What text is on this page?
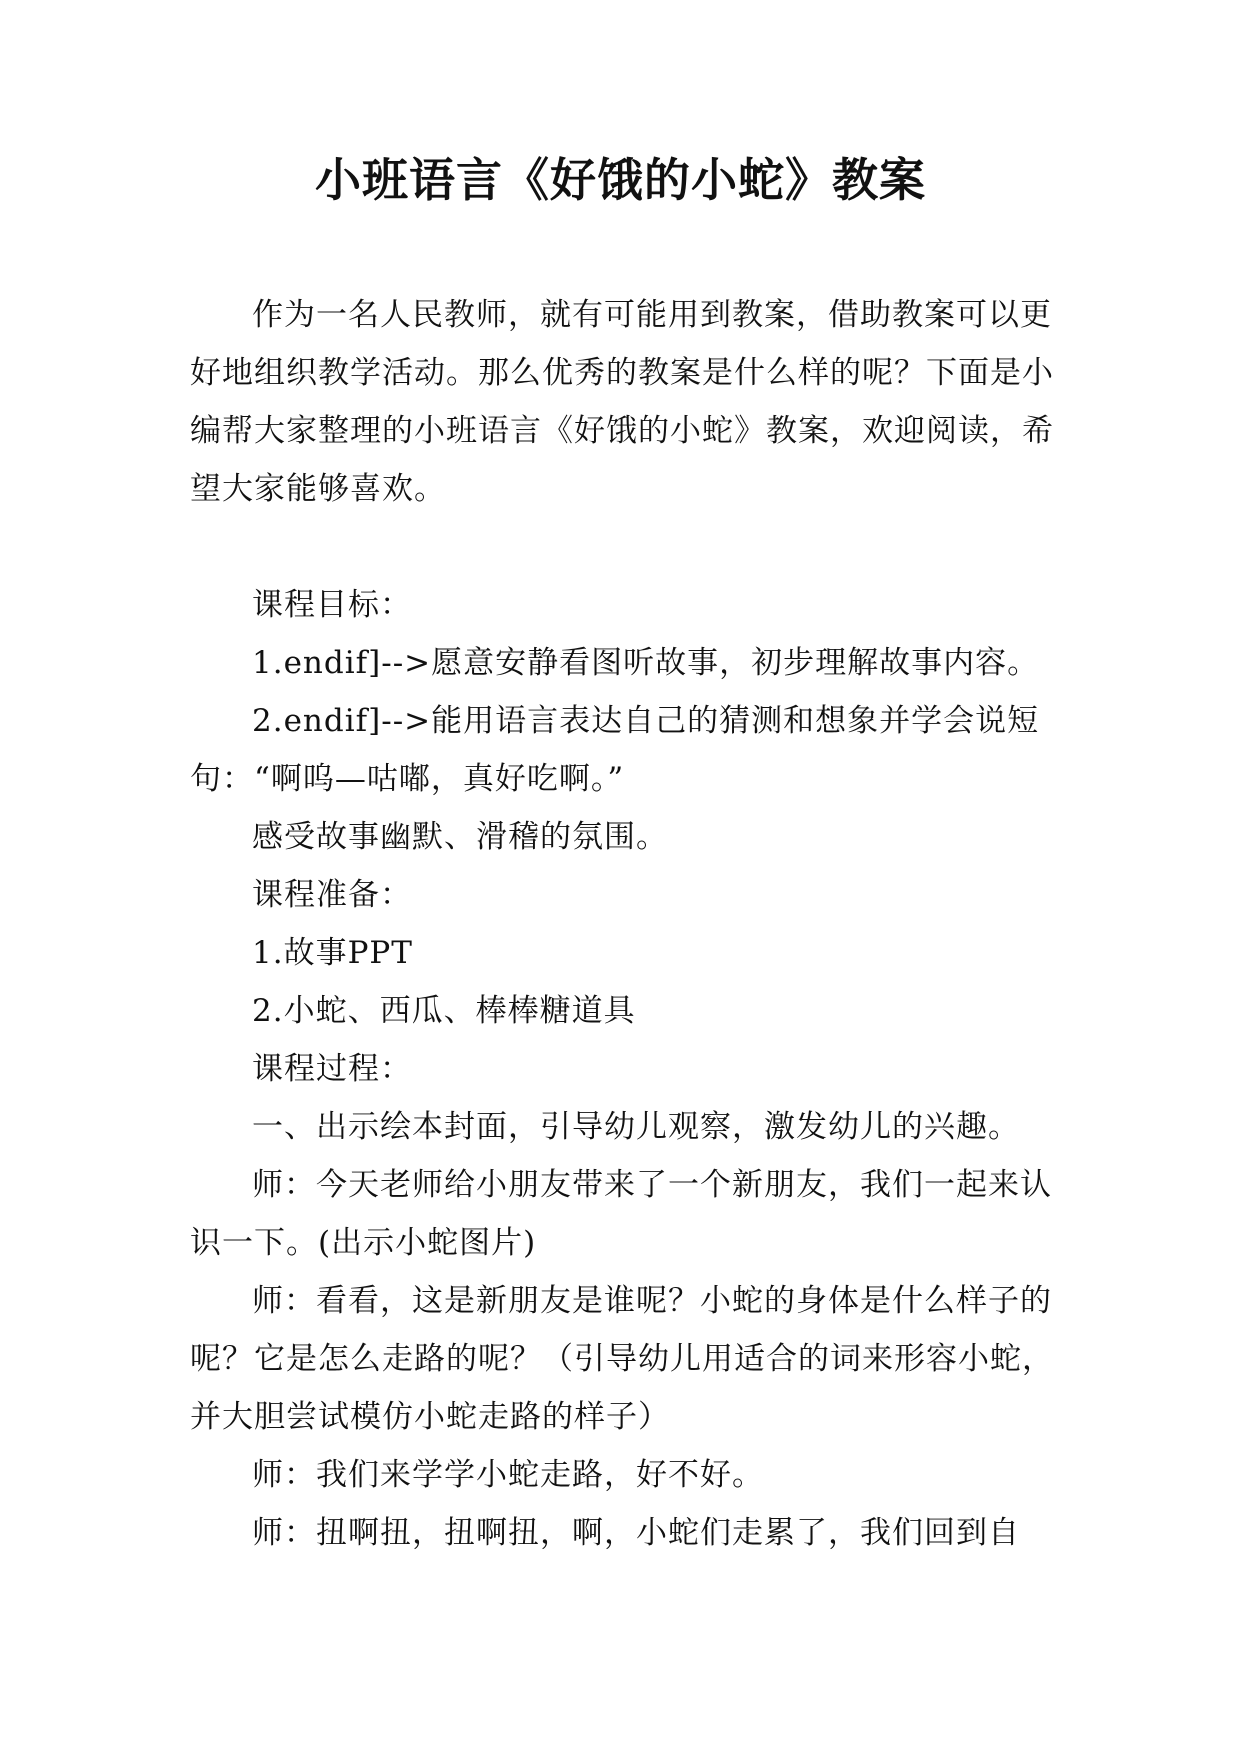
小班语言《好饿的小蛇》教案

作为一名人民教师，就有可能用到教案，借助教案可以更好地组织教学活动。那么优秀的教案是什么样的呢？下面是小编帮大家整理的小班语言《好饿的小蛇》教案，欢迎阅读，希望大家能够喜欢。

课程目标：

1.endif]-->愿意安静看图听故事，初步理解故事内容。

2.endif]-->能用语言表达自己的猜测和想象并学会说短句：“啊呜—咕嘟，真好吃啊。”

感受故事幽默、滑稽的氛围。

课程准备：

1.故事PPT

2.小蛇、西瓜、棒棒糖道具

课程过程：

一、出示绘本封面，引导幼儿观察，激发幼儿的兴趣。

师：今天老师给小朋友带来了一个新朋友，我们一起来认识一下。(出示小蛇图片)

师：看看，这是新朋友是谁呢？小蛇的身体是什么样子的呢？它是怎么走路的呢？（引导幼儿用适合的词来形容小蛇，并大胆尝试模仿小蛇走路的样子）

师：我们来学学小蛇走路，好不好。

师：扭啊扭，扭啊扭，啊，小蛇们走累了，我们回到自
